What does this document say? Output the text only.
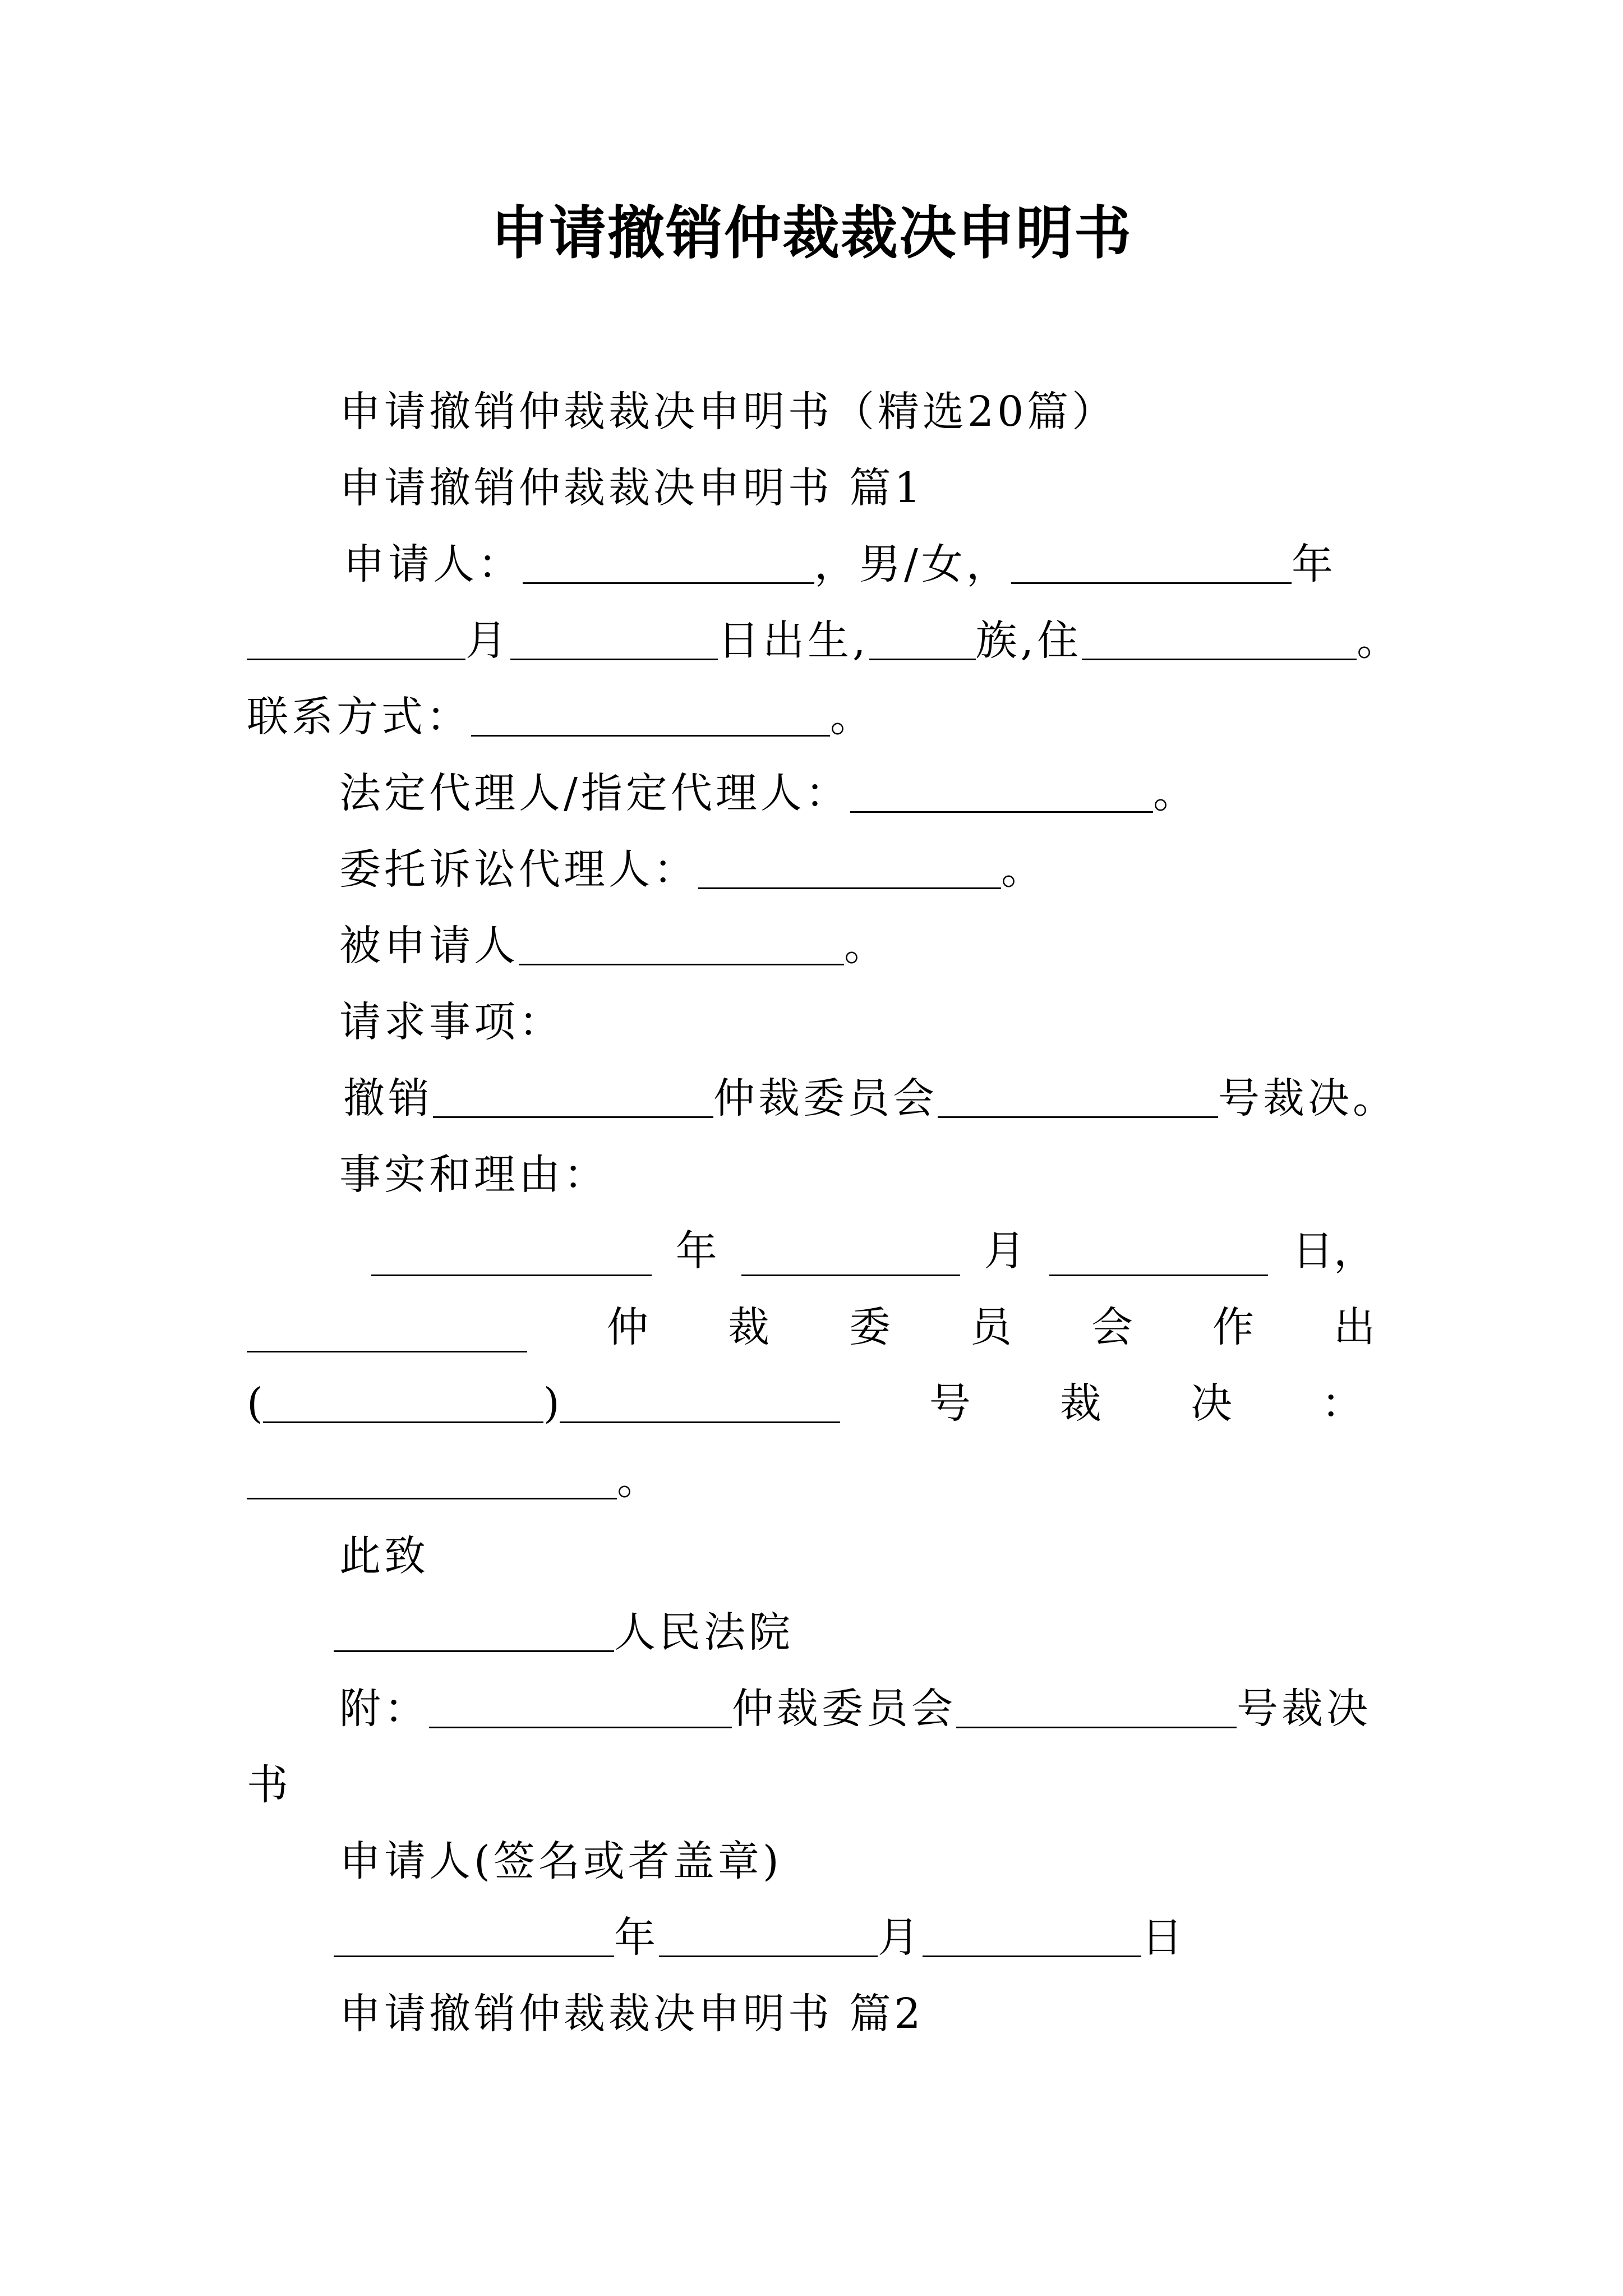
申请撤销仲裁裁决申明书
申请撤销仲裁裁决申明书（精选20篇）
申请撤销仲裁裁决申明书 篇1
申请人：	，男/女，	年
月	日出生,	族,住	。
联系方式：	。
法定代理人/指定代理人：	。
委托诉讼代理人：	。
被申请人	。
请求事项：
撤销	仲裁委员会	号裁决。
事实和理由：
年	月	日，
仲 裁 委 员 会 作 出
(	)	号 裁 决 ：
。
此致
人民法院
附：	仲裁委员会	号裁决
书
申请人(签名或者盖章)
年	月	日
申请撤销仲裁裁决申明书 篇2
